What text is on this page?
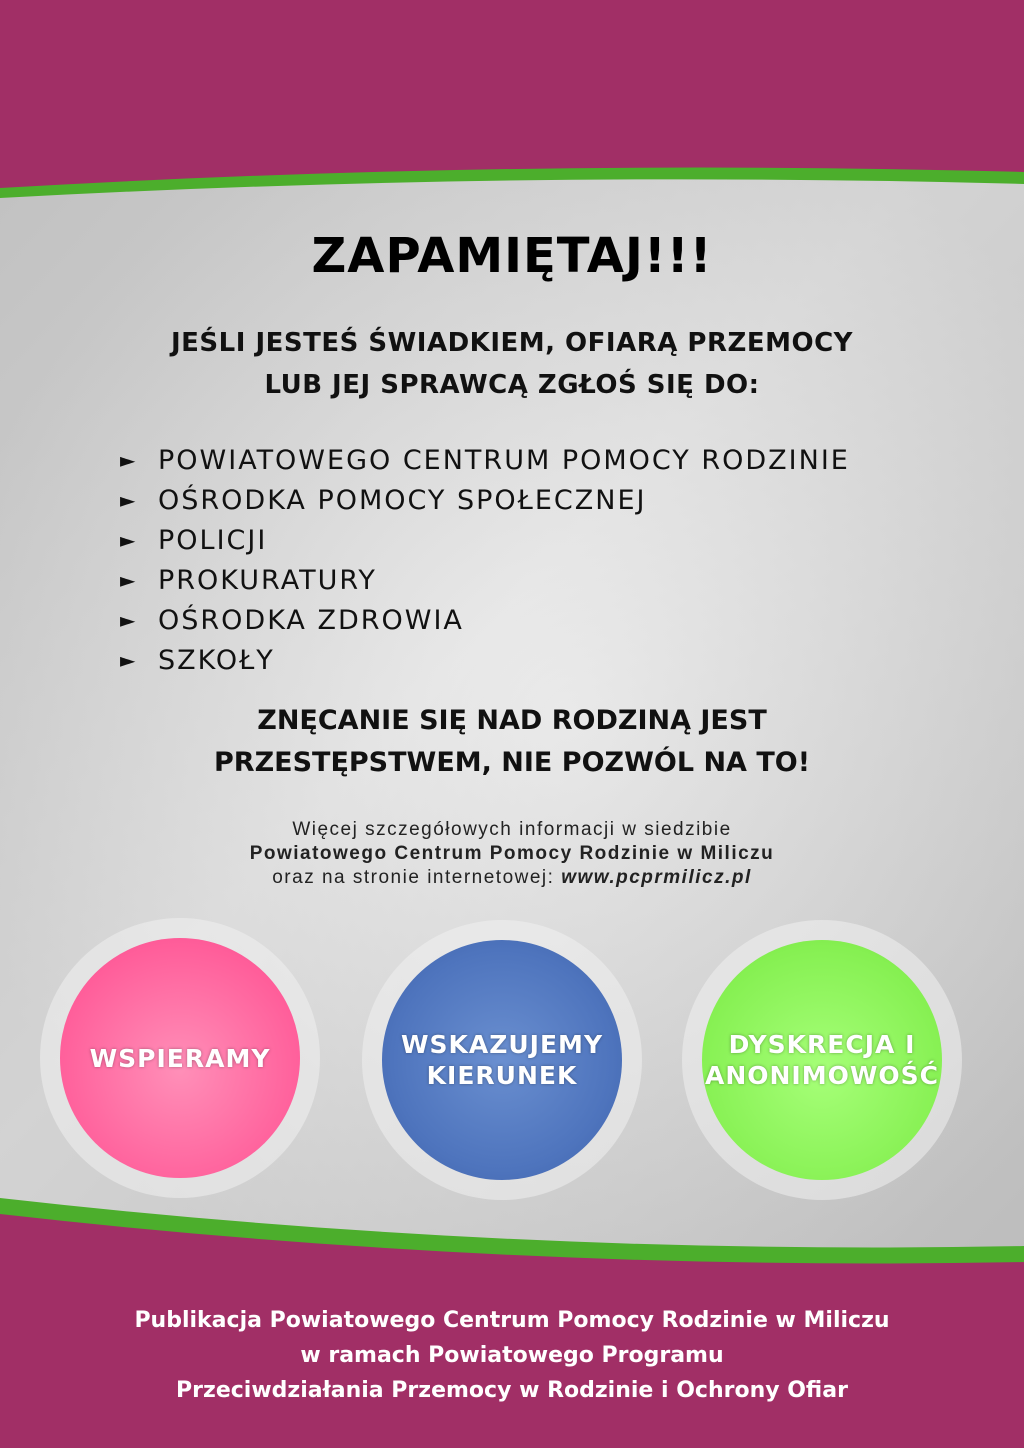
ZAPAMIĘTAJ!!!
JEŚLI JESTEŚ ŚWIADKIEM, OFIARĄ PRZEMOCY
LUB JEJ SPRAWCĄ ZGŁOŚ SIĘ DO:
► POWIATOWEGO CENTRUM POMOCY RODZINIE
► OŚRODKA POMOCY SPOŁECZNEJ
► POLICJI
► PROKURATURY
► OŚRODKA ZDROWIA
► SZKOŁY
ZNĘCANIE SIĘ NAD RODZINĄ JEST
PRZESTĘPSTWEM, NIE POZWÓL NA TO!
Więcej szczegółowych informacji w siedzibie
Powiatowego Centrum Pomocy Rodzinie w Miliczu
oraz na stronie internetowej: www.pcprmilicz.pl
WSPIERAMY	WSKAZUJEMY
KIERUNEK
DYSKRECJA I
ANONIMOWOŚĆ
Publikacja Powiatowego Centrum Pomocy Rodzinie w Miliczu
w ramach Powiatowego Programu
Przeciwdziałania Przemocy w Rodzinie i Ochrony Ofiar
